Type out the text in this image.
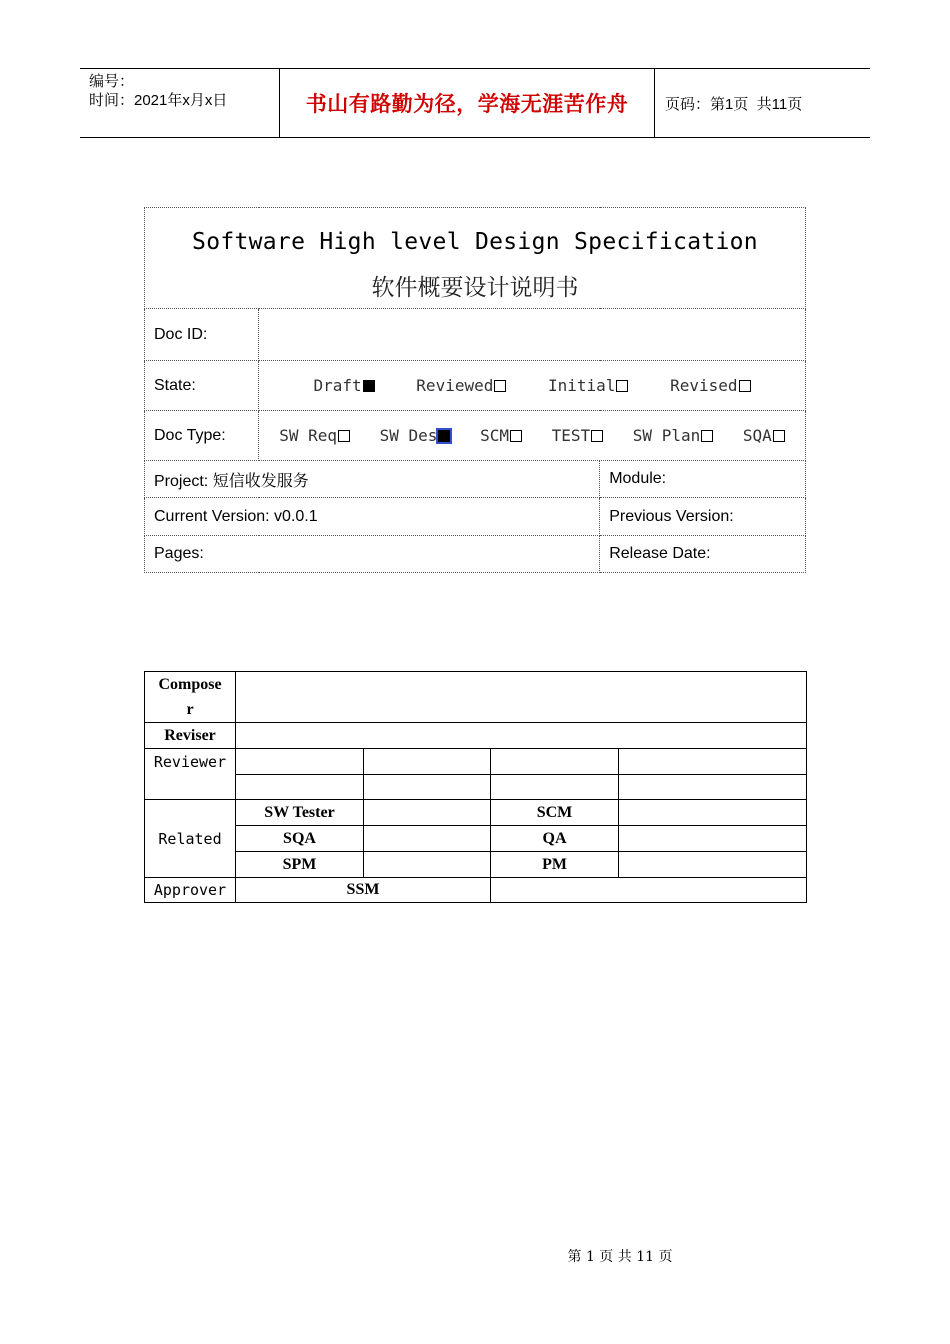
编号：
时间：2021年x月x日	书山有路勤为径，学海无涯苦作舟	页码：第1页  共11页
Software High level Design Specification
软件概要设计说明书		

Doc ID:		
State:	Draft Reviewed Initial Revised	
Doc Type:	SW Req SW Des SCM TEST SW Plan SQA	
Project: 短信收发服务		Module:
Current Version: v0.0.1		Previous Version:
Pages:		Release Date:
Compose
r				

Reviser				
Reviewer				

Related	SW Tester		SCM	
	SQA		QA	
	SPM		PM	
Approver	SSM			
第 1 页 共 11 页
